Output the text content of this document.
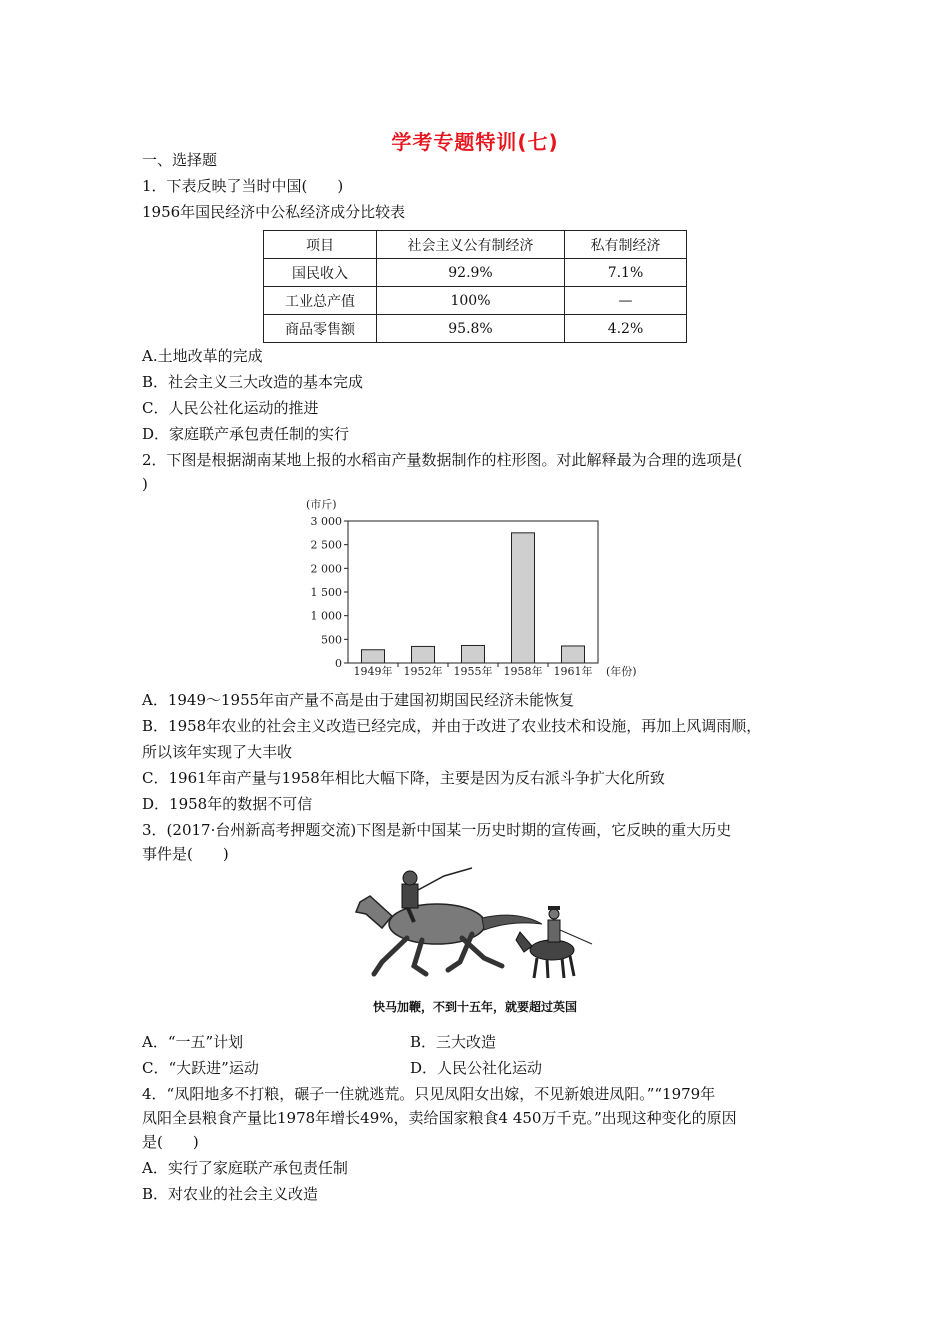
学考专题特训(七)
一、选择题
1．下表反映了当时中国(　　)
1956年国民经济中公私经济成分比较表
项目	社会主义公有制经济	私有制经济
国民收入	92.9%	7.1%
工业总产值	100%	—
商品零售额	95.8%	4.2%
A.土地改革的完成
B．社会主义三大改造的基本完成
C．人民公社化运动的推进
D．家庭联产承包责任制的实行
2．下图是根据湖南某地上报的水稻亩产量数据制作的柱形图。对此解释最为合理的选项是(
)
(市斤)
0
500
1 000
1 500
2 000
2 500
3 000
1949年 1952年 1955年 1958年 1961年 (年份)
A．1949～1955年亩产量不高是由于建国初期国民经济未能恢复
B．1958年农业的社会主义改造已经完成，并由于改进了农业技术和设施，再加上风调雨顺，
所以该年实现了大丰收
C．1961年亩产量与1958年相比大幅下降，主要是因为反右派斗争扩大化所致
D．1958年的数据不可信
3．(2017·台州新高考押题交流)下图是新中国某一历史时期的宣传画，它反映的重大历史
事件是(　　)
快马加鞭，不到十五年，就要超过英国
A．“一五”计划	B．三大改造
C．“大跃进”运动	D．人民公社化运动
4．“凤阳地多不打粮，碾子一住就逃荒。只见凤阳女出嫁，不见新娘进凤阳。”“1979年
凤阳全县粮食产量比1978年增长49%，卖给国家粮食4 450万千克。”出现这种变化的原因
是(　　)
A．实行了家庭联产承包责任制
B．对农业的社会主义改造
